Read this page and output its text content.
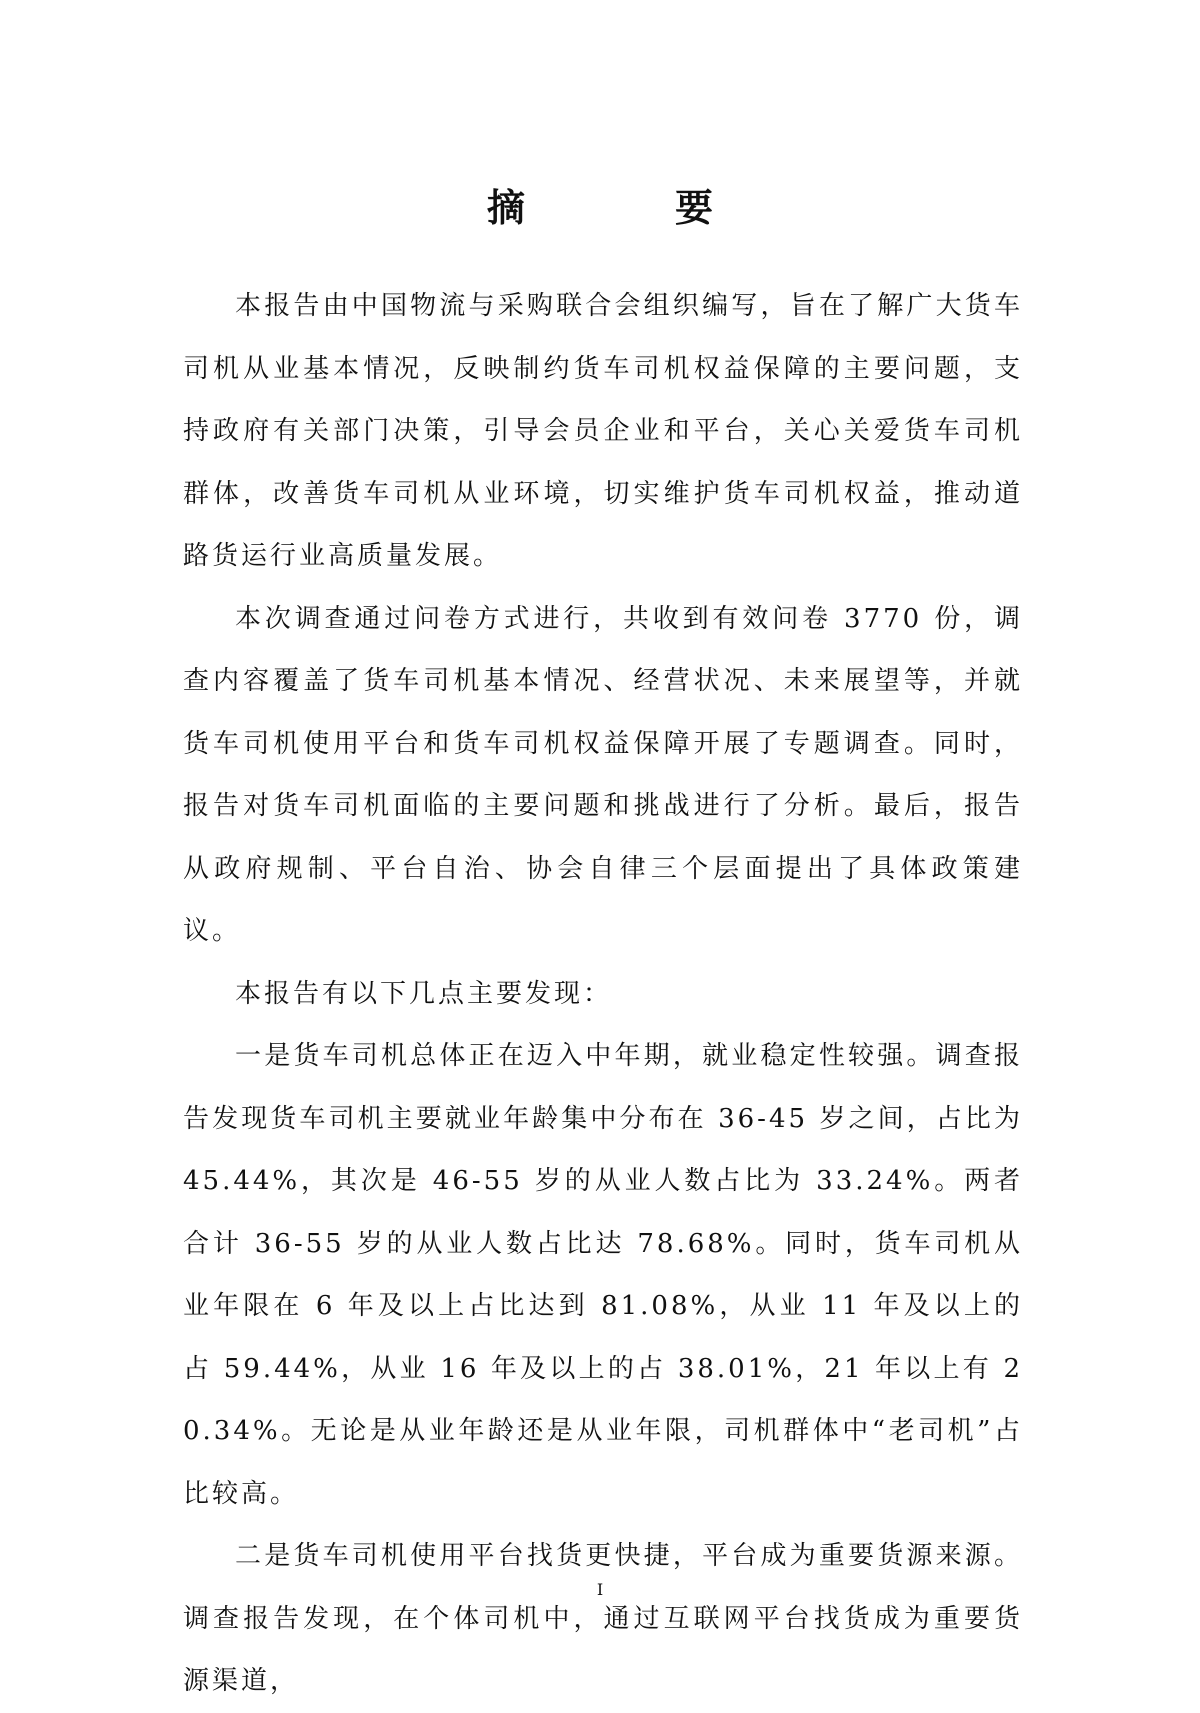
摘　要

本报告由中国物流与采购联合会组织编写，旨在了解广大货车司机从业基本情况，反映制约货车司机权益保障的主要问题，支持政府有关部门决策，引导会员企业和平台，关心关爱货车司机群体，改善货车司机从业环境，切实维护货车司机权益，推动道路货运行业高质量发展。

本次调查通过问卷方式进行，共收到有效问卷 3770 份，调查内容覆盖了货车司机基本情况、经营状况、未来展望等，并就货车司机使用平台和货车司机权益保障开展了专题调查。同时，报告对货车司机面临的主要问题和挑战进行了分析。最后，报告从政府规制、平台自治、协会自律三个层面提出了具体政策建议。

本报告有以下几点主要发现：

一是货车司机总体正在迈入中年期，就业稳定性较强。调查报告发现货车司机主要就业年龄集中分布在 36-45 岁之间，占比为 45.44%，其次是 46-55 岁的从业人数占比为 33.24%。两者合计 36-55 岁的从业人数占比达 78.68%。同时，货车司机从业年限在 6 年及以上占比达到 81.08%，从业 11 年及以上的占 59.44%，从业 16 年及以上的占 38.01%，21 年以上有 20.34%。无论是从业年龄还是从业年限，司机群体中“老司机”占比较高。

二是货车司机使用平台找货更快捷，平台成为重要货源来源。调查报告发现，在个体司机中，通过互联网平台找货成为重要货源渠道，

I
